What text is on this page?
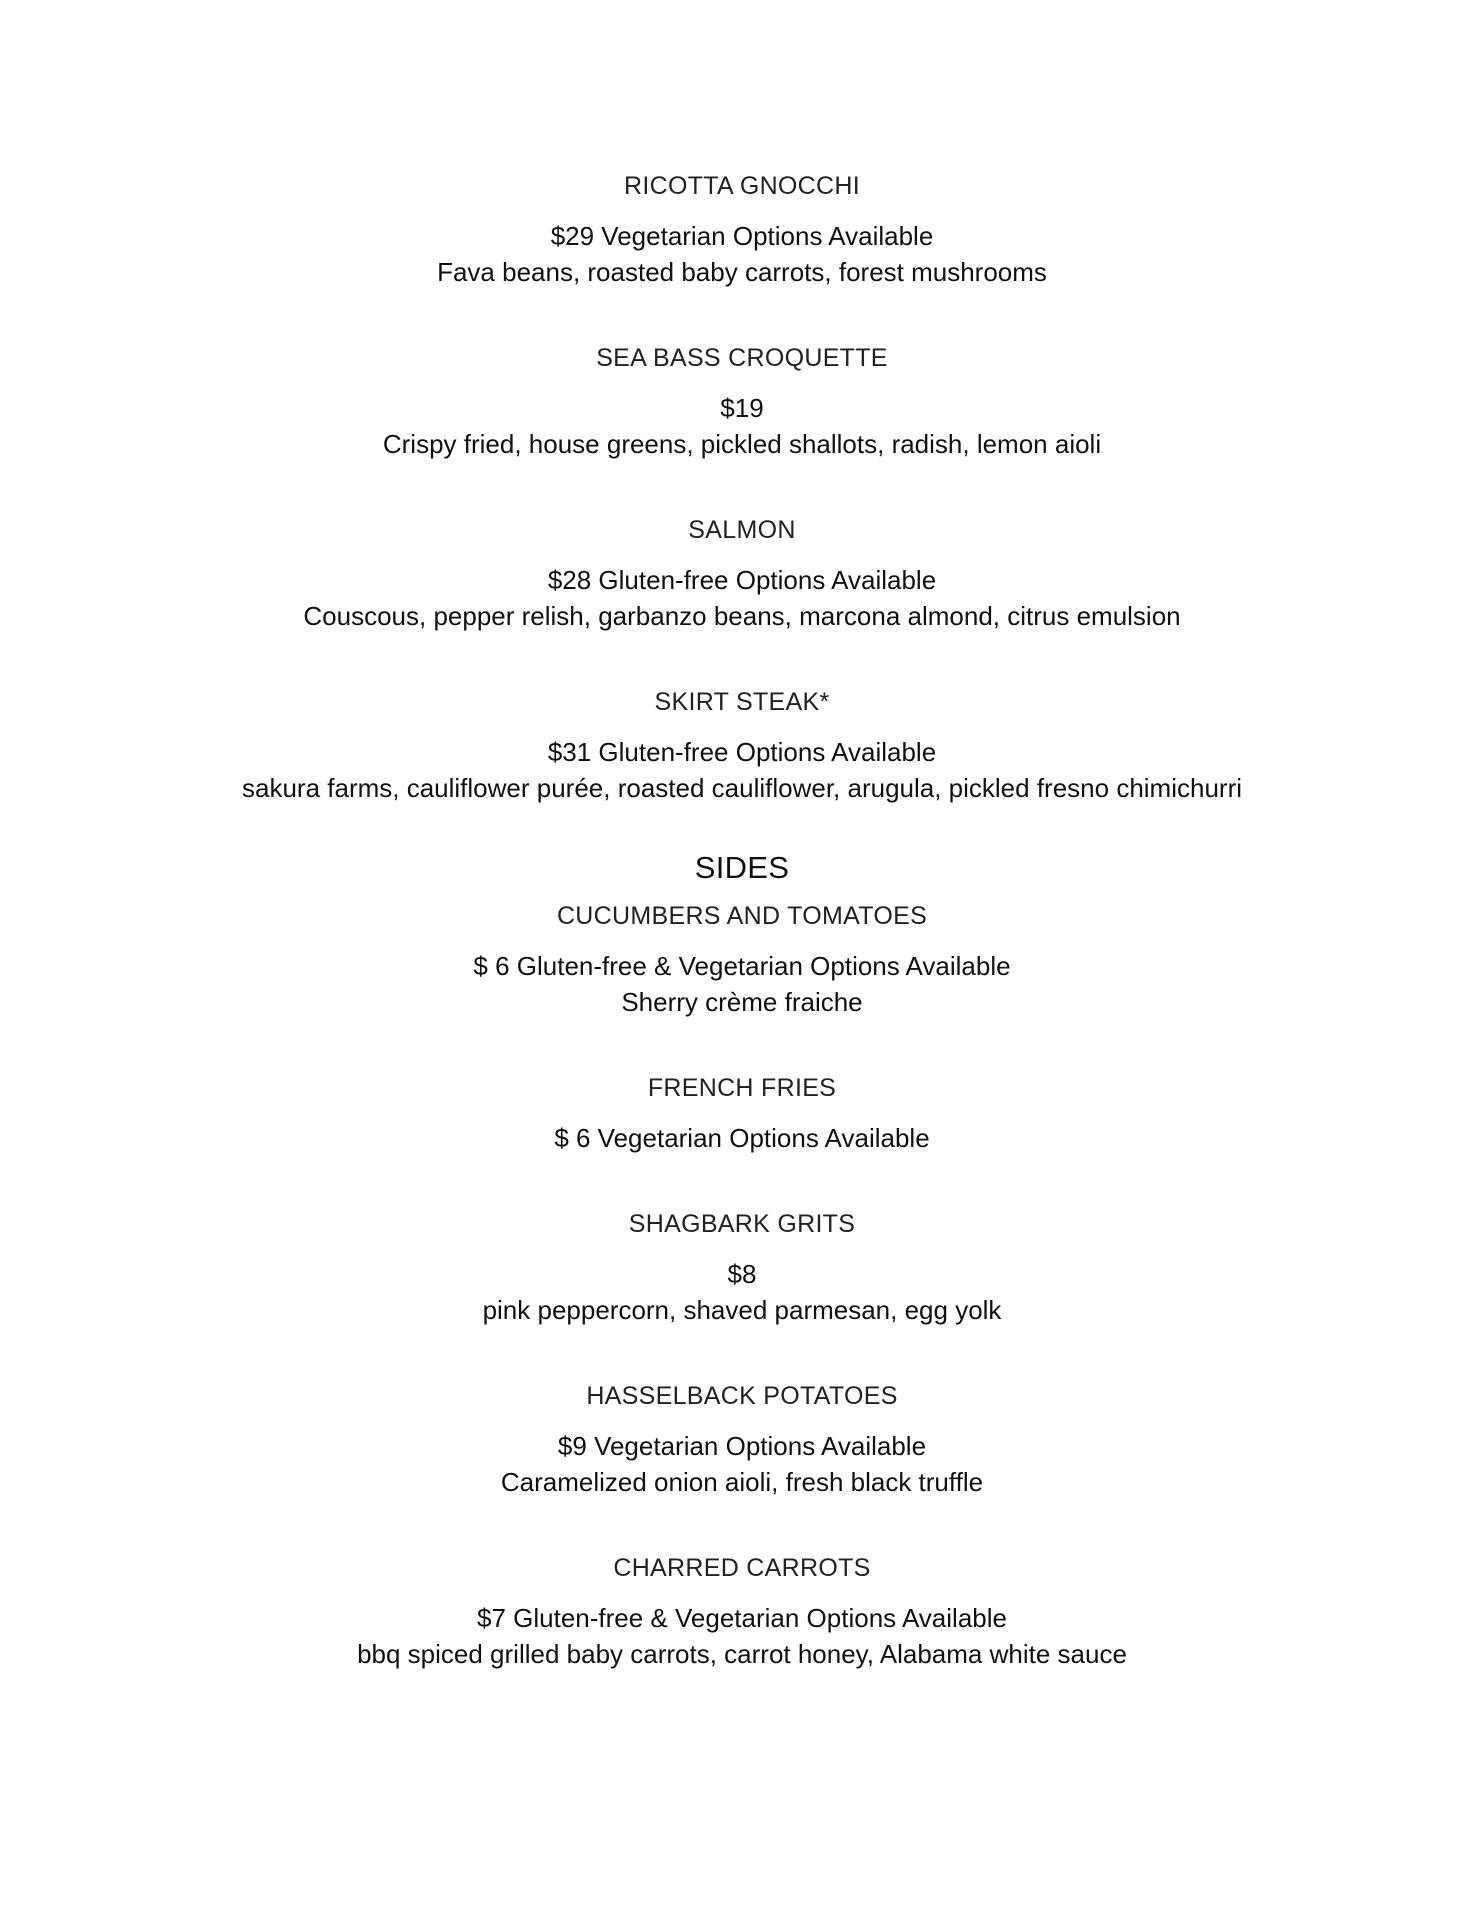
RICOTTA GNOCCHI
$29 Vegetarian Options Available
Fava beans, roasted baby carrots, forest mushrooms
SEA BASS CROQUETTE
$19
Crispy fried, house greens, pickled shallots, radish, lemon aioli
SALMON
$28 Gluten-free Options Available
Couscous, pepper relish, garbanzo beans, marcona almond, citrus emulsion
SKIRT STEAK*
$31 Gluten-free Options Available
sakura farms, cauliflower purée, roasted cauliflower, arugula, pickled fresno chimichurri
SIDES
CUCUMBERS AND TOMATOES
$ 6 Gluten-free & Vegetarian Options Available
Sherry crème fraiche
FRENCH FRIES
$ 6 Vegetarian Options Available
SHAGBARK GRITS
$8
pink peppercorn, shaved parmesan, egg yolk
HASSELBACK POTATOES
$9 Vegetarian Options Available
Caramelized onion aioli, fresh black truffle
CHARRED CARROTS
$7 Gluten-free & Vegetarian Options Available
bbq spiced grilled baby carrots, carrot honey, Alabama white sauce
